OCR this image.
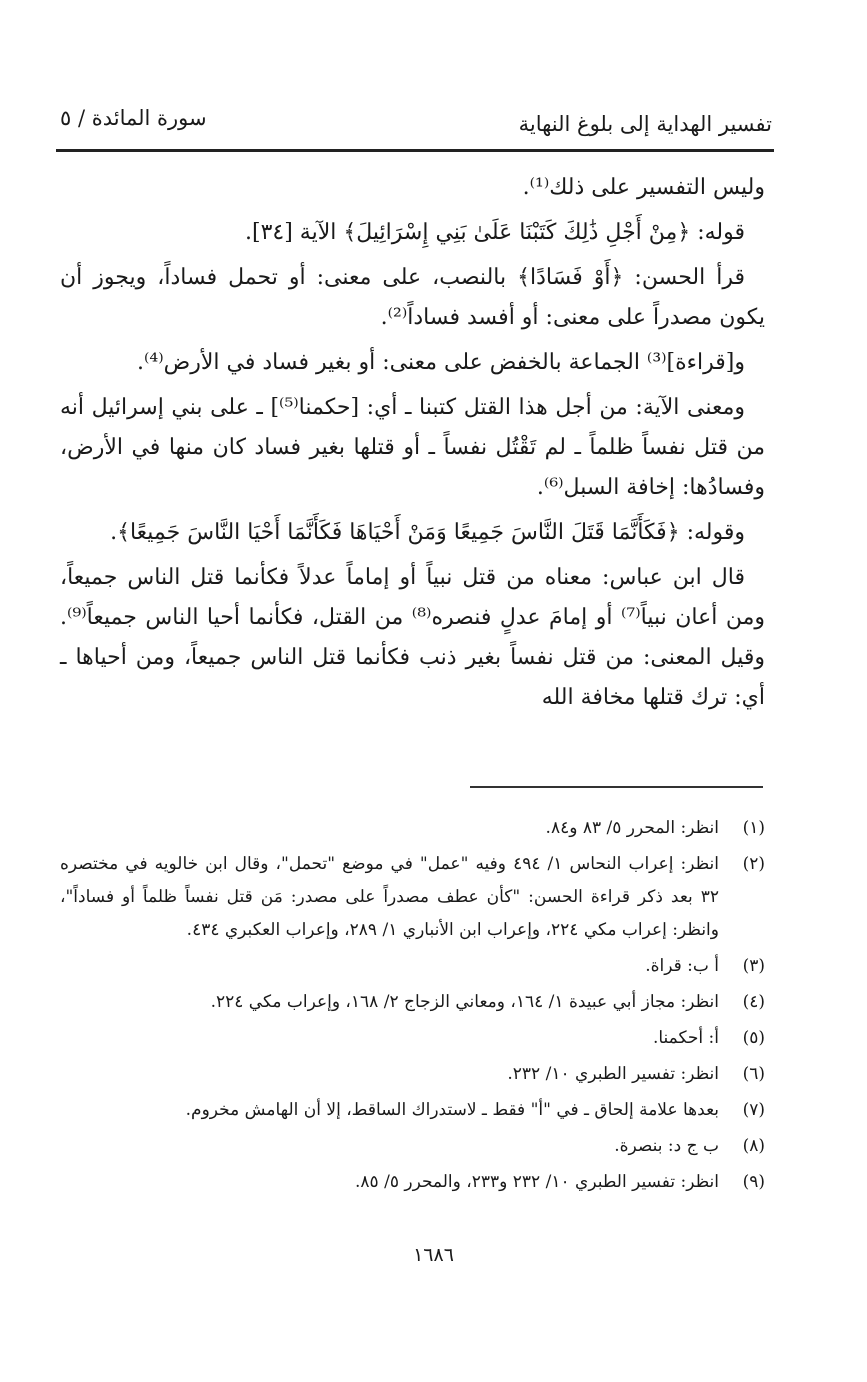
تفسير الهداية إلى بلوغ النهاية
سورة المائدة / ٥

وليس التفسير على ذلك⁽¹⁾.

قوله: ﴿مِنْ أَجْلِ ذَٰلِكَ كَتَبْنَا عَلَىٰ بَنِي إِسْرَائِيلَ﴾ الآية [٣٤].

قرأ الحسن: ﴿أَوْ فَسَادًا﴾ بالنصب، على معنى: أو تحمل فساداً، ويجوز أن يكون مصدراً على معنى: أو أفسد فساداً⁽²⁾.

و[قراءة]⁽³⁾ الجماعة بالخفض على معنى: أو بغير فساد في الأرض⁽⁴⁾.

ومعنى الآية: من أجل هذا القتل كتبنا ـ أي: [حكمنا⁽⁵⁾] ـ على بني إسرائيل أنه من قتل نفساً ظلماً ـ لم تَقْتُل نفساً ـ أو قتلها بغير فساد كان منها في الأرض، وفسادُها: إخافة السبل⁽⁶⁾.

وقوله: ﴿فَكَأَنَّمَا قَتَلَ النَّاسَ جَمِيعًا وَمَنْ أَحْيَاهَا فَكَأَنَّمَا أَحْيَا النَّاسَ جَمِيعًا﴾.

قال ابن عباس: معناه من قتل نبياً أو إماماً عدلاً فكأنما قتل الناس جميعاً، ومن أعان نبياً⁽⁷⁾ أو إمامَ عدلٍ فنصره⁽⁸⁾ من القتل، فكأنما أحيا الناس جميعاً⁽⁹⁾. وقيل المعنى: من قتل نفساً بغير ذنب فكأنما قتل الناس جميعاً، ومن أحياها ـ أي: ترك قتلها مخافة الله

(١)
انظر: المحرر ٥/ ٨٣ و٨٤.
(٢)
انظر: إعراب النحاس ١/ ٤٩٤ وفيه "عمل" في موضع "تحمل"، وقال ابن خالويه في مختصره ٣٢ بعد ذكر قراءة الحسن: "كأن عطف مصدراً على مصدر: مَن قتل نفساً ظلماً أو فساداً"، وانظر: إعراب مكي ٢٢٤، وإعراب ابن الأنباري ١/ ٢٨٩، وإعراب العكبري ٤٣٤.
(٣)
أ ب: قراة.
(٤)
انظر: مجاز أبي عبيدة ١/ ١٦٤، ومعاني الزجاج ٢/ ١٦٨، وإعراب مكي ٢٢٤.
(٥)
أ: أحكمنا.
(٦)
انظر: تفسير الطبري ١٠/ ٢٣٢.
(٧)
بعدها علامة إلحاق ـ في "أ" فقط ـ لاستدراك الساقط، إلا أن الهامش مخروم.
(٨)
ب ج د: بنصرة.
(٩)
انظر: تفسير الطبري ١٠/ ٢٣٢ و٢٣٣، والمحرر ٥/ ٨٥.
١٦٨٦
